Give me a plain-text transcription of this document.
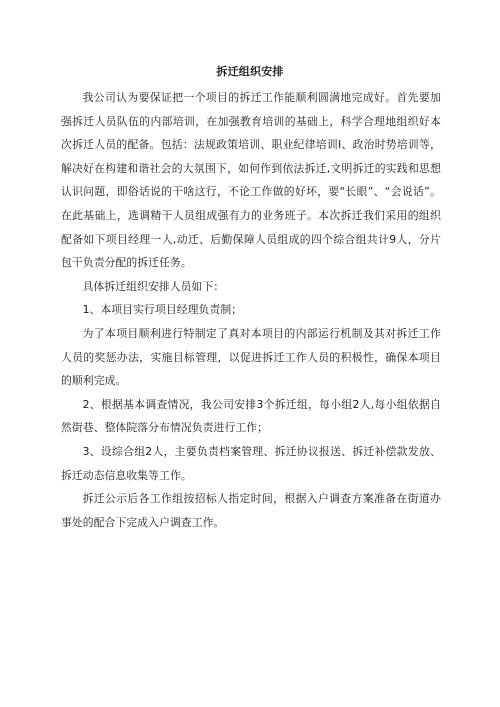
拆迁组织安排

我公司认为要保证把一个项目的拆迁工作能顺利圆满地完成好。首先要加强拆迁人员队伍的内部培训，在加强教育培训的基础上，科学合理地组织好本次拆迁人员的配备。包括：法规政策培训、职业纪律培训I、政治时势培训等，解决好在构建和谐社会的大氛围下，如何作到依法拆迁,文明拆迁的实践和思想认识问题，即俗话说的干啥这行，不论工作做的好坏，要“长眼”、“会说话”。在此基础上，选调精干人员组成强有力的业务班子。本次拆迁我们采用的组织配备如下项目经理一人,动迁、后勤保障人员组成的四个综合组共计9人，分片包干负责分配的拆迁任务。

具体拆迁组织安排人员如下：

1、本项目实行项目经理负责制；

为了本项目顺利进行特制定了真对本项目的内部运行机制及其对拆迁工作人员的奖惩办法，实施目标管理，以促进拆迁工作人员的积极性，确保本项目的顺利完成。

2、根据基本调查情况，我公司安排3个拆迁组，每小组2人,每小组依据自然街巷、整体院落分布情况负责进行工作；

3、设综合组2人，主要负责档案管理、拆迁协议报送、拆迁补偿款发放、拆迁动态信息收集等工作。

拆迁公示后各工作组按招标人指定时间，根据入户调查方案准备在街道办事处的配合下完成入户调查工作。
